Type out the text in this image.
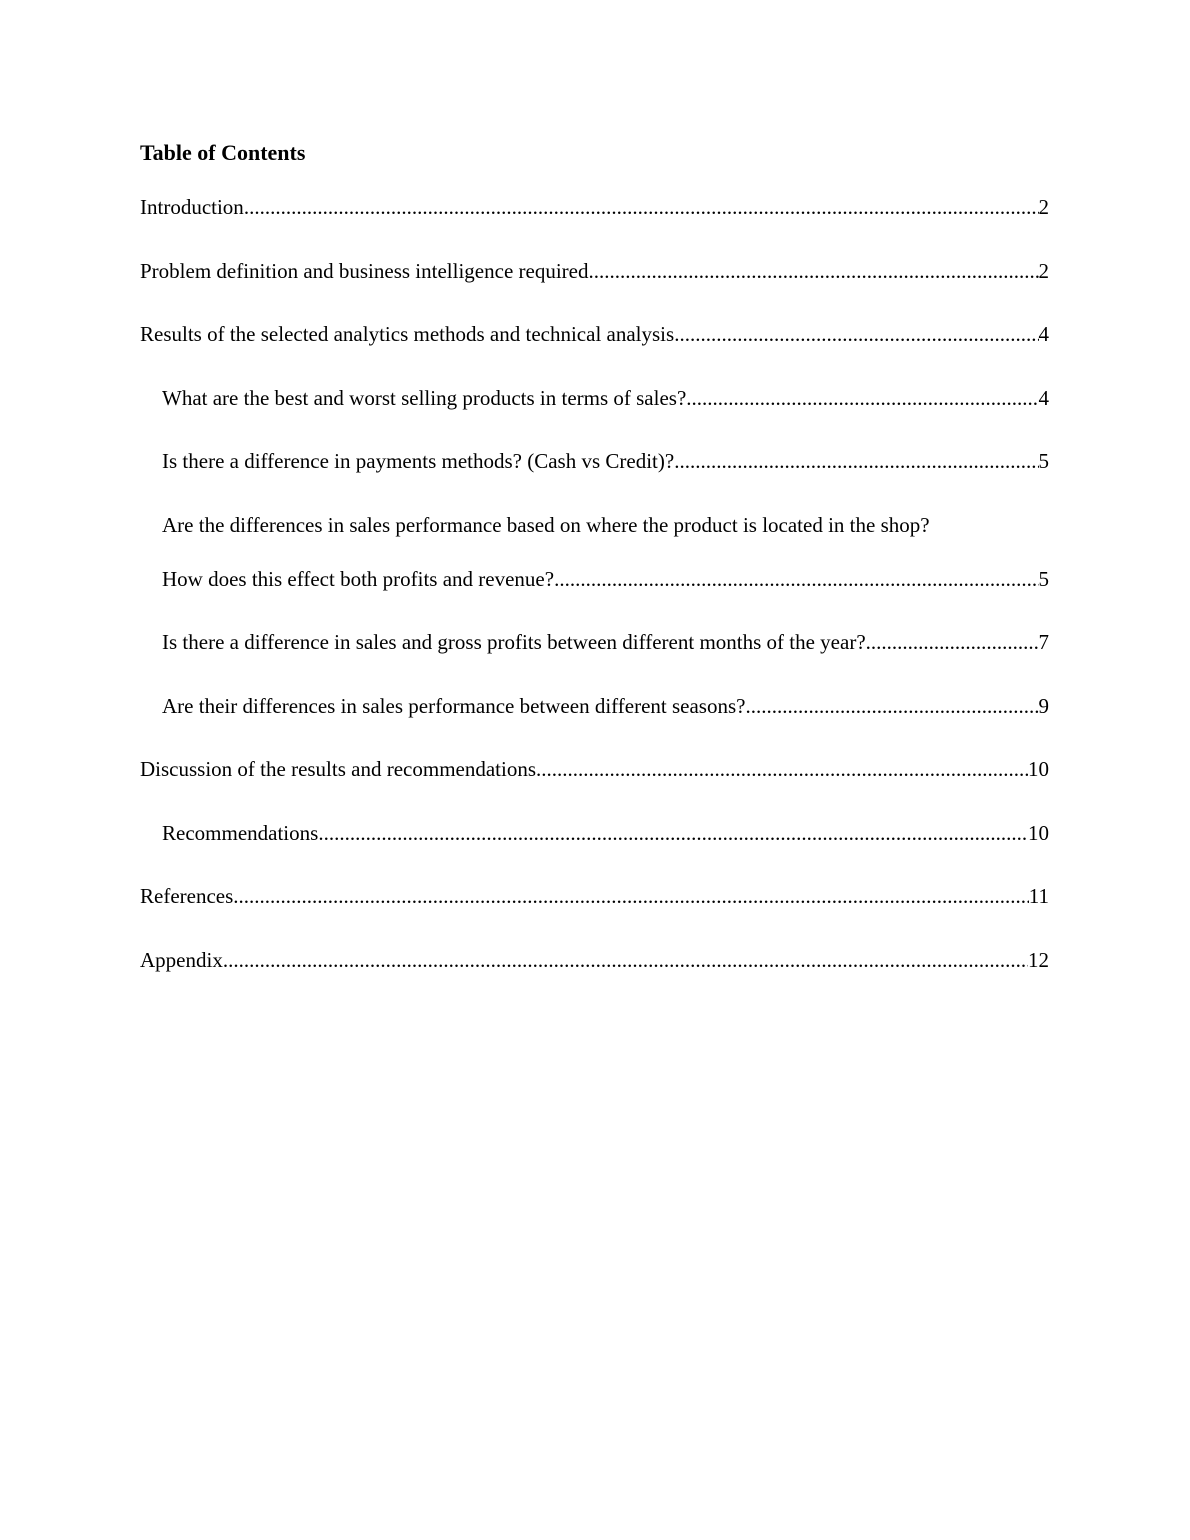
Table of Contents
Introduction .....	2
Problem definition and business intelligence required .....	2
Results of the selected analytics methods and technical analysis .....	4
What are the best and worst selling products in terms of sales? .....	4
Is there a difference in payments methods? (Cash vs Credit)? .....	5
Are the differences in sales performance based on where the product is located in the shop?
How does this effect both profits and revenue? .....	5
Is there a difference in sales and gross profits between different months of the year? .....	7
Are their differences in sales performance between different seasons? .....	9
Discussion of the results and recommendations .....	10
Recommendations .....	10
References .....	11
Appendix .....	12
